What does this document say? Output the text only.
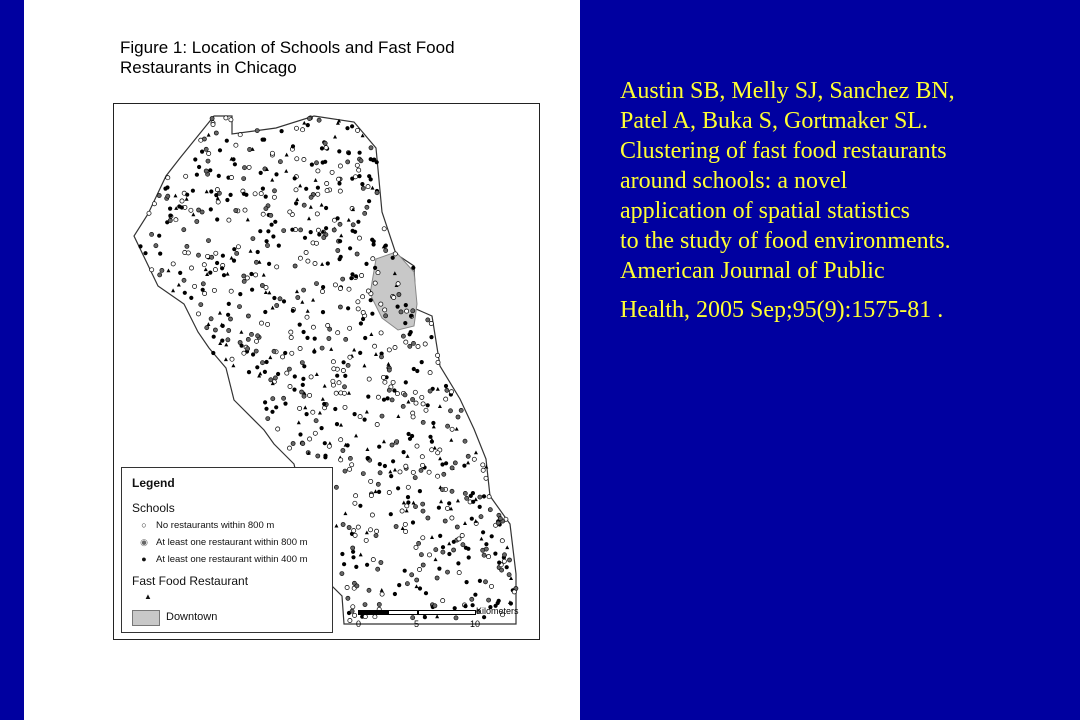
Figure 1: Location of Schools and Fast Food
Restaurants in Chicago
Legend
Schools
○ No restaurants within 800 m
◉ At least one restaurant within 800 m
● At least one restaurant within 400 m
Fast Food Restaurant
▲
Downtown	Kilometers
0	5	10
Austin SB, Melly SJ, Sanchez BN,
Patel A, Buka S, Gortmaker SL.
Clustering of fast food restaurants
around schools: a novel
application of spatial statistics
to the study of food environments.
American Journal of Public
Health, 2005 Sep;95(9):1575-81 .
